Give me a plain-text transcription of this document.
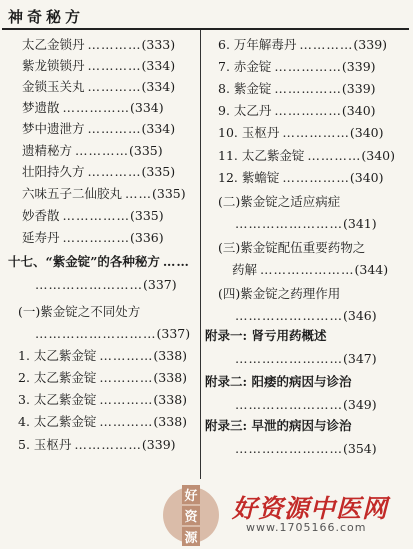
神奇秘方
太乙金锁丹 …………(333)
紫龙锁锁丹 …………(334)
金锁玉关丸 …………(334)
梦遗散 ……………(334)
梦中遗泄方 …………(334)
遗精秘方 …………(335)
壮阳持久方 …………(335)
六味五子二仙胶丸 ……(335)
妙香散 ……………(335)
延寿丹 ……………(336)
十七、“紫金锭”的各种秘方 ……
……………………(337)
(一)紫金锭之不同处方
………………………(337)
1. 太乙紫金锭 …………(338)
2. 太乙紫金锭 …………(338)
3. 太乙紫金锭 …………(338)
4. 太乙紫金锭 …………(338)
5. 玉枢丹 ……………(339)
6. 万年解毒丹 …………(339)
7. 赤金锭 ……………(339)
8. 紫金锭 ……………(339)
9. 太乙丹 ……………(340)
10. 玉枢丹 ……………(340)
11. 太乙紫金锭 …………(340)
12. 紫蟾锭 ……………(340)
(二)紫金锭之适应病症
……………………(341)
(三)紫金锭配伍重要药物之
药解 …………………(344)
(四)紫金锭之药理作用
……………………(346)
附录一: 肾亏用药概述
……………………(347)
附录二: 阳痿的病因与诊治
……………………(349)
附录三: 早泄的病因与诊治
……………………(354)
好
资
源
好资源中医网
www.1705166.com
